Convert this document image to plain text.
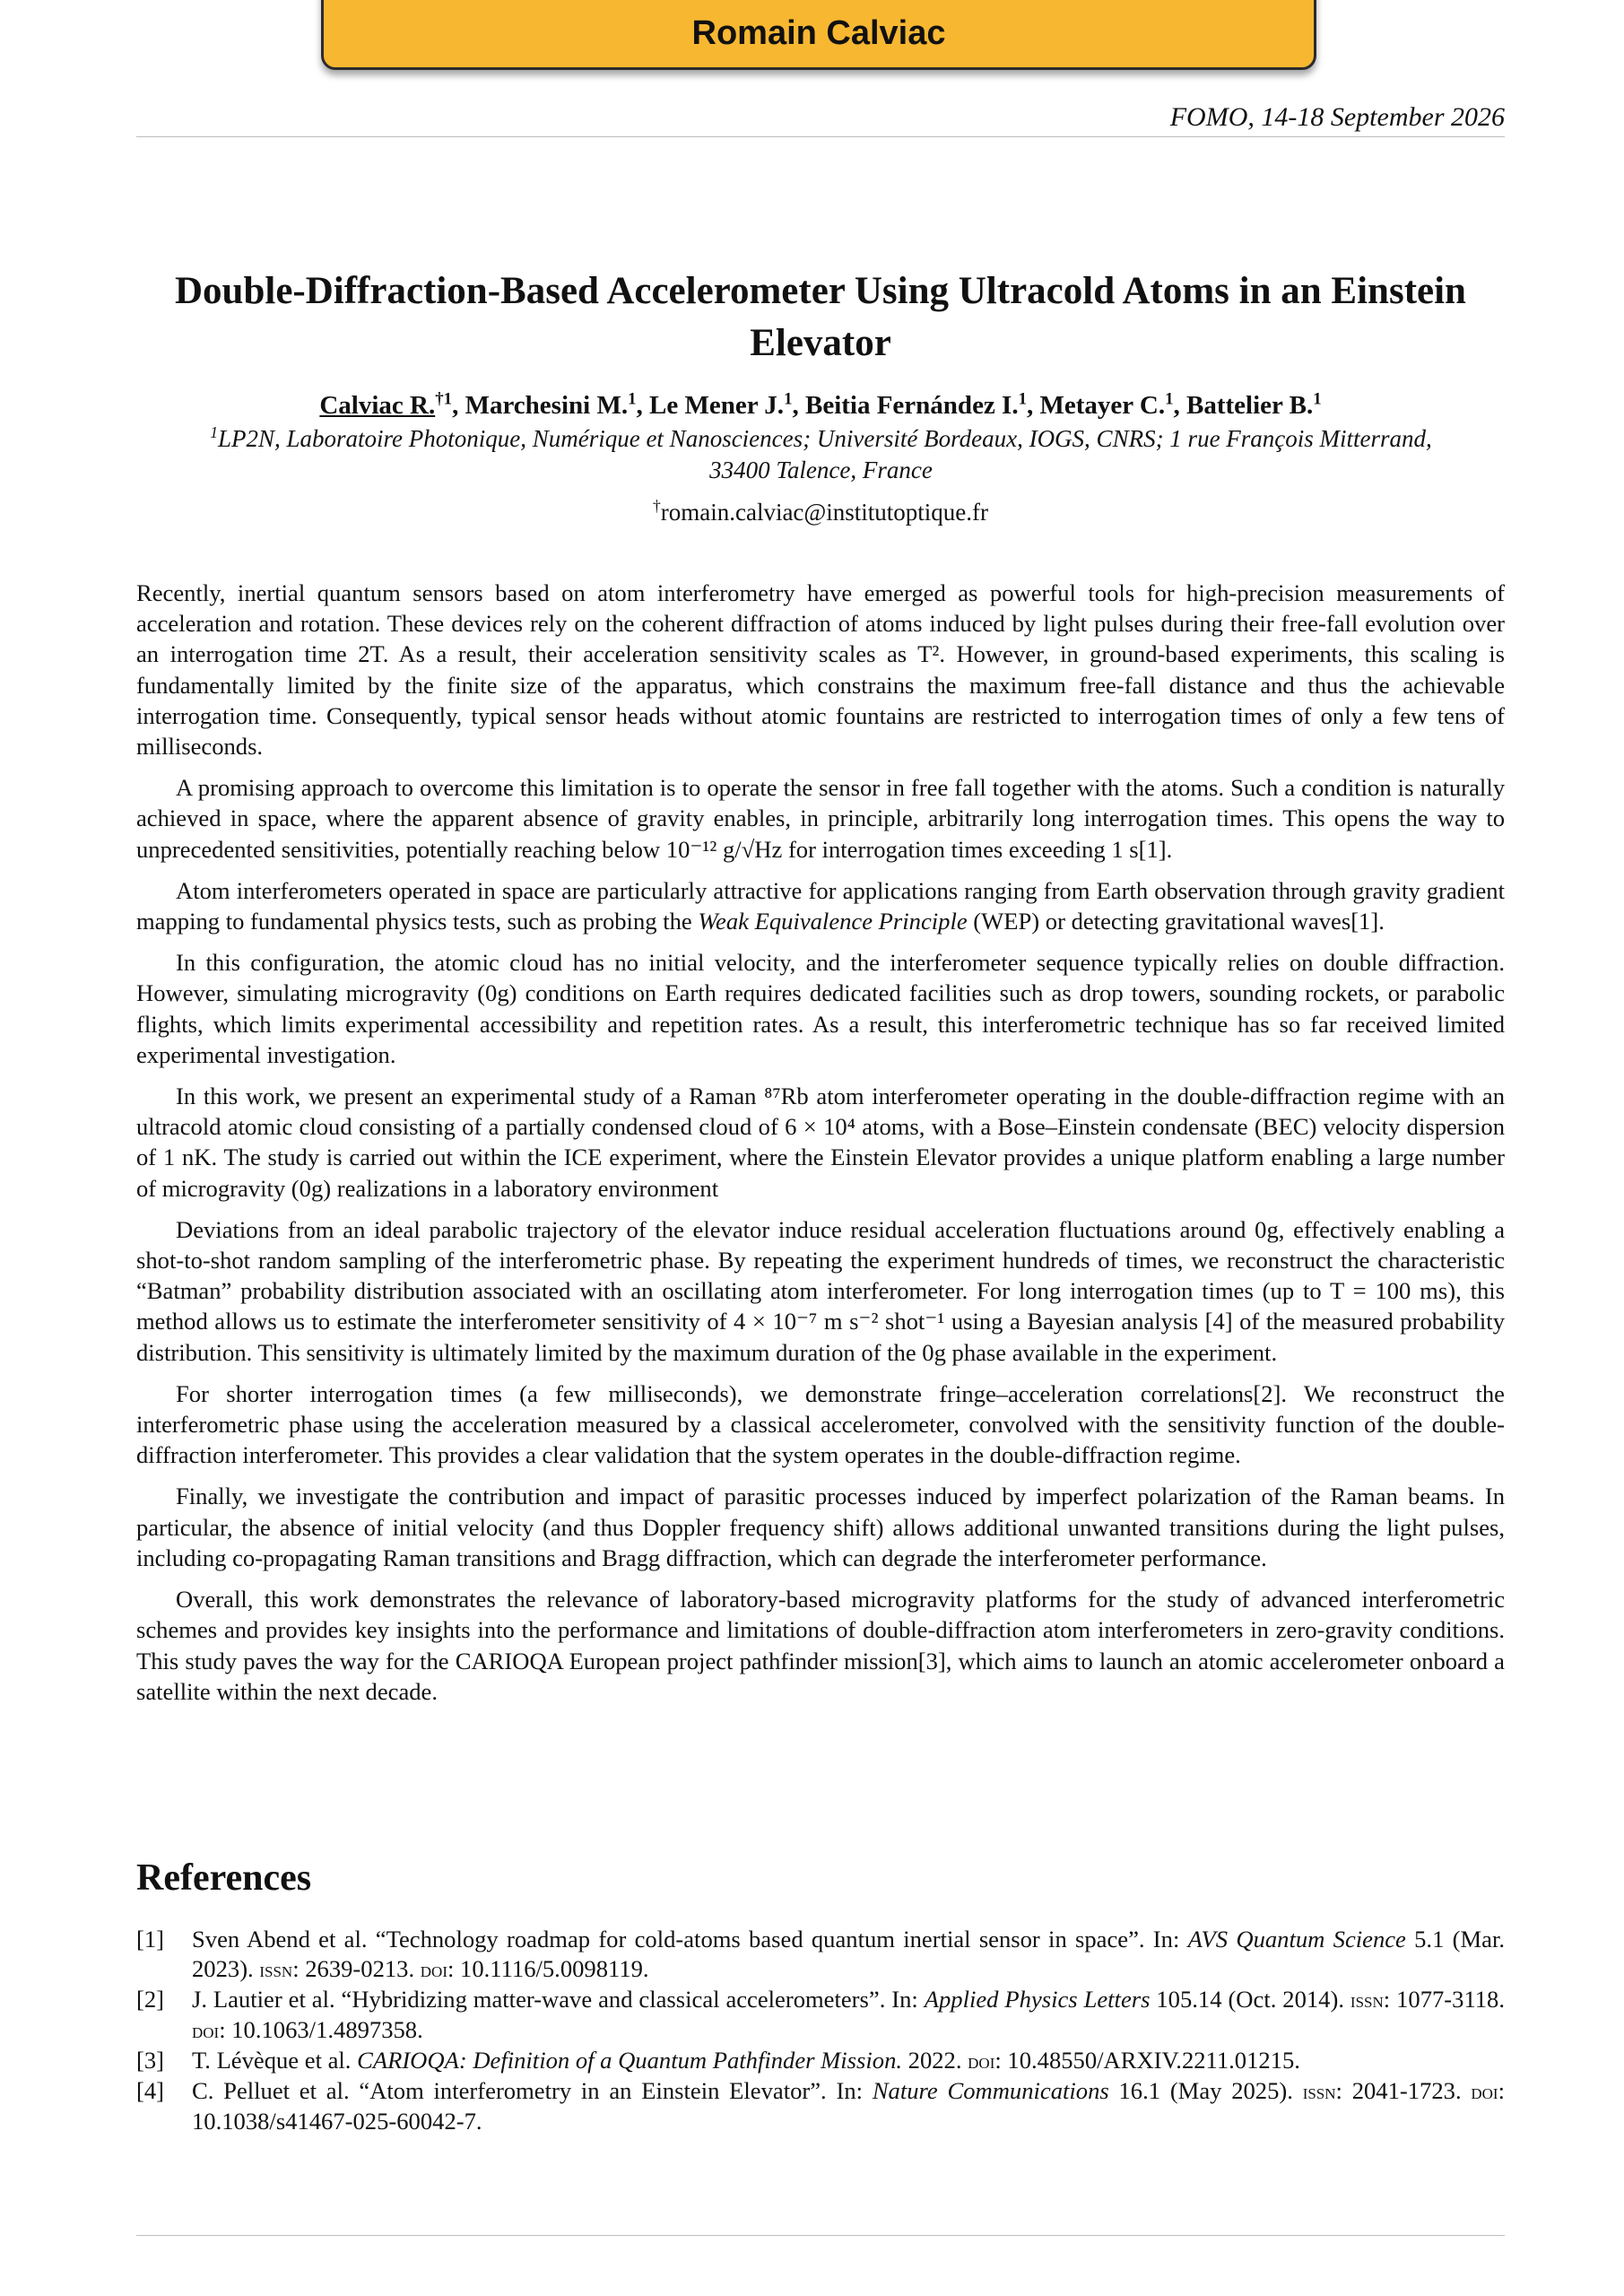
Romain Calviac
FOMO, 14-18 September 2026
Double-Diffraction-Based Accelerometer Using Ultracold Atoms in an Einstein Elevator
Calviac R.$^{\dagger 1}$, Marchesini M.$^1$, Le Mener J.$^1$, Beitia Fernández I.$^1$, Metayer C.$^1$, Battelier B.$^1$
$^1$LP2N, Laboratoire Photonique, Numérique et Nanosciences; Université Bordeaux, IOGS, CNRS; 1 rue François Mitterrand, 33400 Talence, France
†romain.calviac@institutoptique.fr

Recently, inertial quantum sensors based on atom interferometry have emerged as powerful tools for high-precision measurements of acceleration and rotation. These devices rely on the coherent diffraction of atoms induced by light pulses during their free-fall evolution over an interrogation time 2T. As a result, their acceleration sensitivity scales as T². However, in ground-based experiments, this scaling is fundamentally limited by the finite size of the apparatus, which constrains the maximum free-fall distance and thus the achievable interrogation time. Consequently, typical sensor heads without atomic fountains are restricted to interrogation times of only a few tens of milliseconds.

A promising approach to overcome this limitation is to operate the sensor in free fall together with the atoms. Such a condition is naturally achieved in space, where the apparent absence of gravity enables, in principle, arbitrarily long interrogation times. This opens the way to unprecedented sensitivities, potentially reaching below 10⁻¹² g/√Hz for interrogation times exceeding 1 s[1].

Atom interferometers operated in space are particularly attractive for applications ranging from Earth observation through gravity gradient mapping to fundamental physics tests, such as probing the Weak Equivalence Principle (WEP) or detecting gravitational waves[1].

In this configuration, the atomic cloud has no initial velocity, and the interferometer sequence typically relies on double diffraction. However, simulating microgravity (0g) conditions on Earth requires dedicated facilities such as drop towers, sounding rockets, or parabolic flights, which limits experimental accessibility and repetition rates. As a result, this interferometric technique has so far received limited experimental investigation.

In this work, we present an experimental study of a Raman ⁸⁷Rb atom interferometer operating in the double-diffraction regime with an ultracold atomic cloud consisting of a partially condensed cloud of 6 × 10⁴ atoms, with a Bose–Einstein condensate (BEC) velocity dispersion of 1 nK. The study is carried out within the ICE experiment, where the Einstein Elevator provides a unique platform enabling a large number of microgravity (0g) realizations in a laboratory environment

Deviations from an ideal parabolic trajectory of the elevator induce residual acceleration fluctuations around 0g, effectively enabling a shot-to-shot random sampling of the interferometric phase. By repeating the experiment hundreds of times, we reconstruct the characteristic “Batman” probability distribution associated with an oscillating atom interferometer. For long interrogation times (up to T = 100 ms), this method allows us to estimate the interferometer sensitivity of 4 × 10⁻⁷ m s⁻² shot⁻¹ using a Bayesian analysis [4] of the measured probability distribution. This sensitivity is ultimately limited by the maximum duration of the 0g phase available in the experiment.

For shorter interrogation times (a few milliseconds), we demonstrate fringe–acceleration correlations[2]. We reconstruct the interferometric phase using the acceleration measured by a classical accelerometer, convolved with the sensitivity function of the double-diffraction interferometer. This provides a clear validation that the system operates in the double-diffraction regime.

Finally, we investigate the contribution and impact of parasitic processes induced by imperfect polarization of the Raman beams. In particular, the absence of initial velocity (and thus Doppler frequency shift) allows additional unwanted transitions during the light pulses, including co-propagating Raman transitions and Bragg diffraction, which can degrade the interferometer performance.

Overall, this work demonstrates the relevance of laboratory-based microgravity platforms for the study of advanced interferometric schemes and provides key insights into the performance and limitations of double-diffraction atom interferometers in zero-gravity conditions. This study paves the way for the CARIOQA European project pathfinder mission[3], which aims to launch an atomic accelerometer onboard a satellite within the next decade.

References
[1]	Sven Abend et al. “Technology roadmap for cold-atoms based quantum inertial sensor in space”. In: AVS Quantum Science 5.1 (Mar. 2023). issn: 2639-0213. doi: 10.1116/5.0098119.
[2]	J. Lautier et al. “Hybridizing matter-wave and classical accelerometers”. In: Applied Physics Letters 105.14 (Oct. 2014). issn: 1077-3118. doi: 10.1063/1.4897358.
[3]	T. Lévèque et al. CARIOQA: Definition of a Quantum Pathfinder Mission. 2022. doi: 10.48550/ARXIV.2211.01215.
[4]	C. Pelluet et al. “Atom interferometry in an Einstein Elevator”. In: Nature Communications 16.1 (May 2025). issn: 2041-1723. doi: 10.1038/s41467-025-60042-7.
